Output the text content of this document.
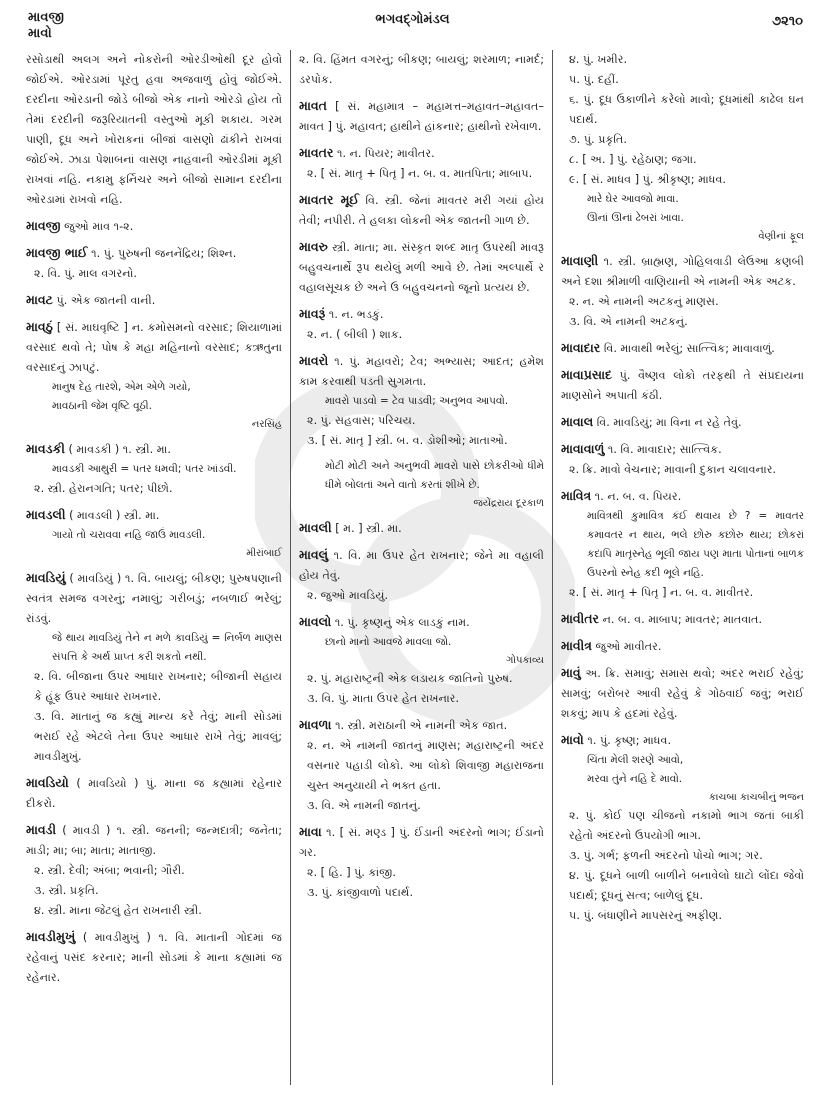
માવજી
માવો
ભગવદ્ગોમંડલ	૭૨૧૦
રસોડાથી અલગ અને નોકરોની ઓરડીઓથી દૂર હોવો જોઈએ. ઓરડામાં પૂરતુ હવા અજવાળું હોવું જોઈએ. દરદીના ઓરડાની જોડે બીજો એક નાનો ઓરડો હોય તો તેમાં દરદીની જરૂરિયાતની વસ્તુઓ મૂકી શકાય. ગરમ પાણી, દૂધ અને ખોરાકનાં બીજાં વાસણો ઢાંકીને રાખવાં જોઈએ. ઝાડા પેશાબનાં વાસણ નાહવાની ઓરડીમાં મૂકી રાખવાં નહિ. નકામુ ફર્નિચર અને બીજો સામાન દરદીના ઓરડામાં રાખવો નહિ.
માવજી જુઓ માવ ૧-૨.
માવજી ભાઈ ૧. પું. પુરુષની જનનેંદ્રિય; શિશ્ન.
૨. વિ. પું. માલ વગરનો.
માવટ પું. એક જાતની વાની.
માવઠું [ સં. માઘવૃષ્ટિ ] ન. કમોસમનો વરસાદ; શિયાળામાં વરસાદ થવો તે; પોષ કે મહા મહિનાનો વરસાદ; કઋતુના વરસાદનું ઝાપટું.
માનુષ દેહ તારશે, એમ એળે ગયો,
માવઠાની જેમ વૃષ્ટિ વૂઠી.
નરસિંહ
માવડકી ( માવડકી ) ૧. સ્ત્રી. મા.
માવડકી આથુરી = પતર ધમવી; પતર ખાંડવી.
૨. સ્ત્રી. હેરાનગતિ; પતર; પીછો.
માવડલી ( માવડલી ) સ્ત્રી. મા.
ગાયો તો ચરાવવા નહિ જાઉં માવડલી.
મીરાંબાઈ
માવડિયું ( માવડિયું ) ૧. વિ. બાયલું; બીકણ; પુરુષપણાની સ્વતંત્ર સમજ વગરનું; નમાલું; ગરીબડું; નબળાઈ ભરેલું; રાંડવું.
જે થાય માવડિયું તેને ન મળે કાવડિયું = નિર્બળ માણસ સંપત્તિ કે અર્થ પ્રાપ્ત કરી શકતો નથી.
૨. વિ. બીજાના ઉપર આધાર રાખનાર; બીજાની સહાય કે હૂંફ ઉપર આધાર રાખનાર.
૩. વિ. માતાનું જ કહ્યું માન્ય કરે તેવું; માની સોડમાં ભરાઈ રહે એટલે તેના ઉપર આધાર રાખે તેવું; માવલું; માવડીમુખું.
માવડિયો ( માવડિયો ) પું. માના જ કહ્યામાં રહેનાર દીકરો.
માવડી ( માવડી ) ૧. સ્ત્રી. જનની; જન્મદાત્રી; જનેતા; માડી; મા; બા; માતા; માતાજી.
૨. સ્ત્રી. દેવી; અંબા; ભવાની; ગૌરી.
૩. સ્ત્રી. પ્રકૃતિ.
૪. સ્ત્રી. માના જેટલું હેત રાખનારી સ્ત્રી.
માવડીમુખું ( માવડીમુખું ) ૧. વિ. માતાની ગોદમાં જ રહેવાનું પસંદ કરનાર; માની સોડમાં કે માના કહ્યામાં જ રહેનાર.
૨. વિ. હિંમત વગરનું; બીકણ; બાયલું; શરમાળ; નામર્દ; ડરપોક.
માવત [ સં. મહામાત્ર – મહામત્ત–મહાવત–મહાવત–માવત ] પું. મહાવત; હાથીને હાંકનાર; હાથીનો રખેવાળ.
માવતર ૧. ન. પિયર; માવીતર.
૨. [ સં. માતૃ + પિતૃ ] ન. બ. વ. માતપિતા; માબાપ.
માવતર મૂઈ વિ. સ્ત્રી. જેનાં માવતર મરી ગયાં હોય તેવી; નપીરી. તે હલકા લોકની એક જાતની ગાળ છે.
માવરુ સ્ત્રી. માતા; મા. સંસ્કૃત શબ્દ માતૃ ઉપરથી માવરૂ બહુવચનાર્થે રૂપ થયેલું મળી આવે છે. તેમાં અલ્પાર્થે ર વહાલસૂચક છે અને ઉ બહુવચનનો જૂનો પ્રત્યય છે.
માવરૂં ૧. ન. ભડકું.
૨. ન. ( બીલી ) શાક.
માવરો ૧. પું. મહાવરો; ટેવ; અભ્યાસ; આદત; હમેશ કામ કરવાથી પડતી સુગમતા.
માવરો પાડવો = ટેવ પાડવી; અનુભવ આપવો.
૨. પું. સહવાસ; પરિચય.
૩. [ સં. માતૃ ] સ્ત્રી. બ. વ. ડોશીઓ; માતાઓ.
મોટી મોટી અને અનુભવી માવરો પાસે છોકરીઓ ધીમે ધીમે બોલતાં અને વાતો કરતાં શીખે છે.
જયેંદ્રરાય દૂરકાળ
માવલી [ મ. ] સ્ત્રી. મા.
માવલું ૧. વિ. મા ઉપર હેત રાખનાર; જેને મા વહાલી હોય તેવું.
૨. જુઓ માવડિયું.
માવલો ૧. પું. કૃષ્ણનું એક લાડકું નામ.
છાનો માનો આવજે માવલા જો.
ગોપકાવ્ય
૨. પું. મહારાષ્ટ્રની એક લડાયક જાતિનો પુરુષ.
૩. વિ. પું. માતા ઉપર હેત રાખનાર.
માવળા ૧. સ્ત્રી. મરાઠાની એ નામની એક જાત.
૨. ન. એ નામની જાતનું માણસ; મહારાષ્ટ્રની અંદર વસનાર પહાડી લોકો. આ લોકો શિવાજી મહારાજના ચુસ્ત અનુયાયી ને ભક્ત હતા.
૩. વિ. એ નામની જાતનું.
માવા ૧. [ સં. મણ્ડ ] પું. ઈંડાની અંદરનો ભાગ; ઈંડાનો ગર.
૨. [ હિ. ] પું. કાંજી.
૩. પું. કાંજીવાળો પદાર્થ.
૪. પું. ખમીર.
૫. પું. દહીં.
૬. પું. દૂધ ઉકાળીને કરેલો માવો; દૂધમાંથી કાઢેલ ઘન પદાર્થ.
૭. પું. પ્રકૃતિ.
૮. [ અ. ] પું. રહેઠાણ; જગા.
૯. [ સં. માધવ ] પું. શ્રીકૃષ્ણ; માધવ.
મારે ઘેર આવજો માવા.
ઊનાં ઊનાં ઢેબરાં ખાવા.
વેણીનાં ફૂલ
માવાણી ૧. સ્ત્રી. બ્રાહ્મણ, ગોહિલવાડી લેઉઆ કણબી અને દશા શ્રીમાળી વાણિયાની એ નામની એક અટક.
૨. ન. એ નામની અટકનું માણસ.
૩. વિ. એ નામની અટકનું.
માવાદાર વિ. માવાથી ભરેલું; સાત્ત્વિક; માવાવાળું.
માવાપ્રસાદ પું. વૈષ્ણવ લોકો તરફથી તે સંપ્રદાયના માણસોને અપાતી કંઠી.
માવાલ વિ. માવડિયું; મા વિના ન રહે તેવું.
માવાવાળું ૧. વિ. માવાદાર; સાત્ત્વિક.
૨. ક્રિ. માવો વેચનાર; માવાની દુકાન ચલાવનાર.
માવિત્ર ૧. ન. બ. વ. પિયર.
માવિત્રથી કુમાવિત્ર કંઈ થવાય છે ? = માવતર કમાવતર ન થાય, ભલે છોરુ કછોરુ થાય; છોકરાં કદાપિ માતૃસ્નેહ ભૂલી જાય પણ માતા પોતાનાં બાળક ઉપરનો સ્નેહ કદી ભૂલે નહિ.
૨. [ સં. માતૃ + પિતૃ ] ન. બ. વ. માવીતર.
માવીતર ન. બ. વ. માબાપ; માવતર; માતવાત.
માવીત્ર જુઓ માવીતર.
માવું અ. ક્રિ. સમાવું; સમાસ થવો; અંદર ભરાઈ રહેવું; સામવું; બરોબર આવી રહેવું કે ગોઠવાઈ જવું; ભરાઈ શકવું; માપ કે હદમાં રહેવું.
માવો ૧. પું. કૃષ્ણ; માધવ.
ચિંતા મેલી શરણે આવો,
મરવા તુંને નહિ દે માવો.
કાચબા કાચબીનું ભજન
૨. પું. કોઈ પણ ચીજનો નકામો ભાગ જતાં બાકી રહેતો અંદરનો ઉપયોગી ભાગ.
૩. પું. ગર્ભ; ફળની અંદરનો પોચો ભાગ; ગર.
૪. પું. દૂધને બાળી બાળીને બનાવેલો ઘાટો લોંદા જેવો પદાર્થ; દૂધનું સત્વ; બાળેલું દૂધ.
૫. પું. બંધાણીને માપસરનું અફીણ.
